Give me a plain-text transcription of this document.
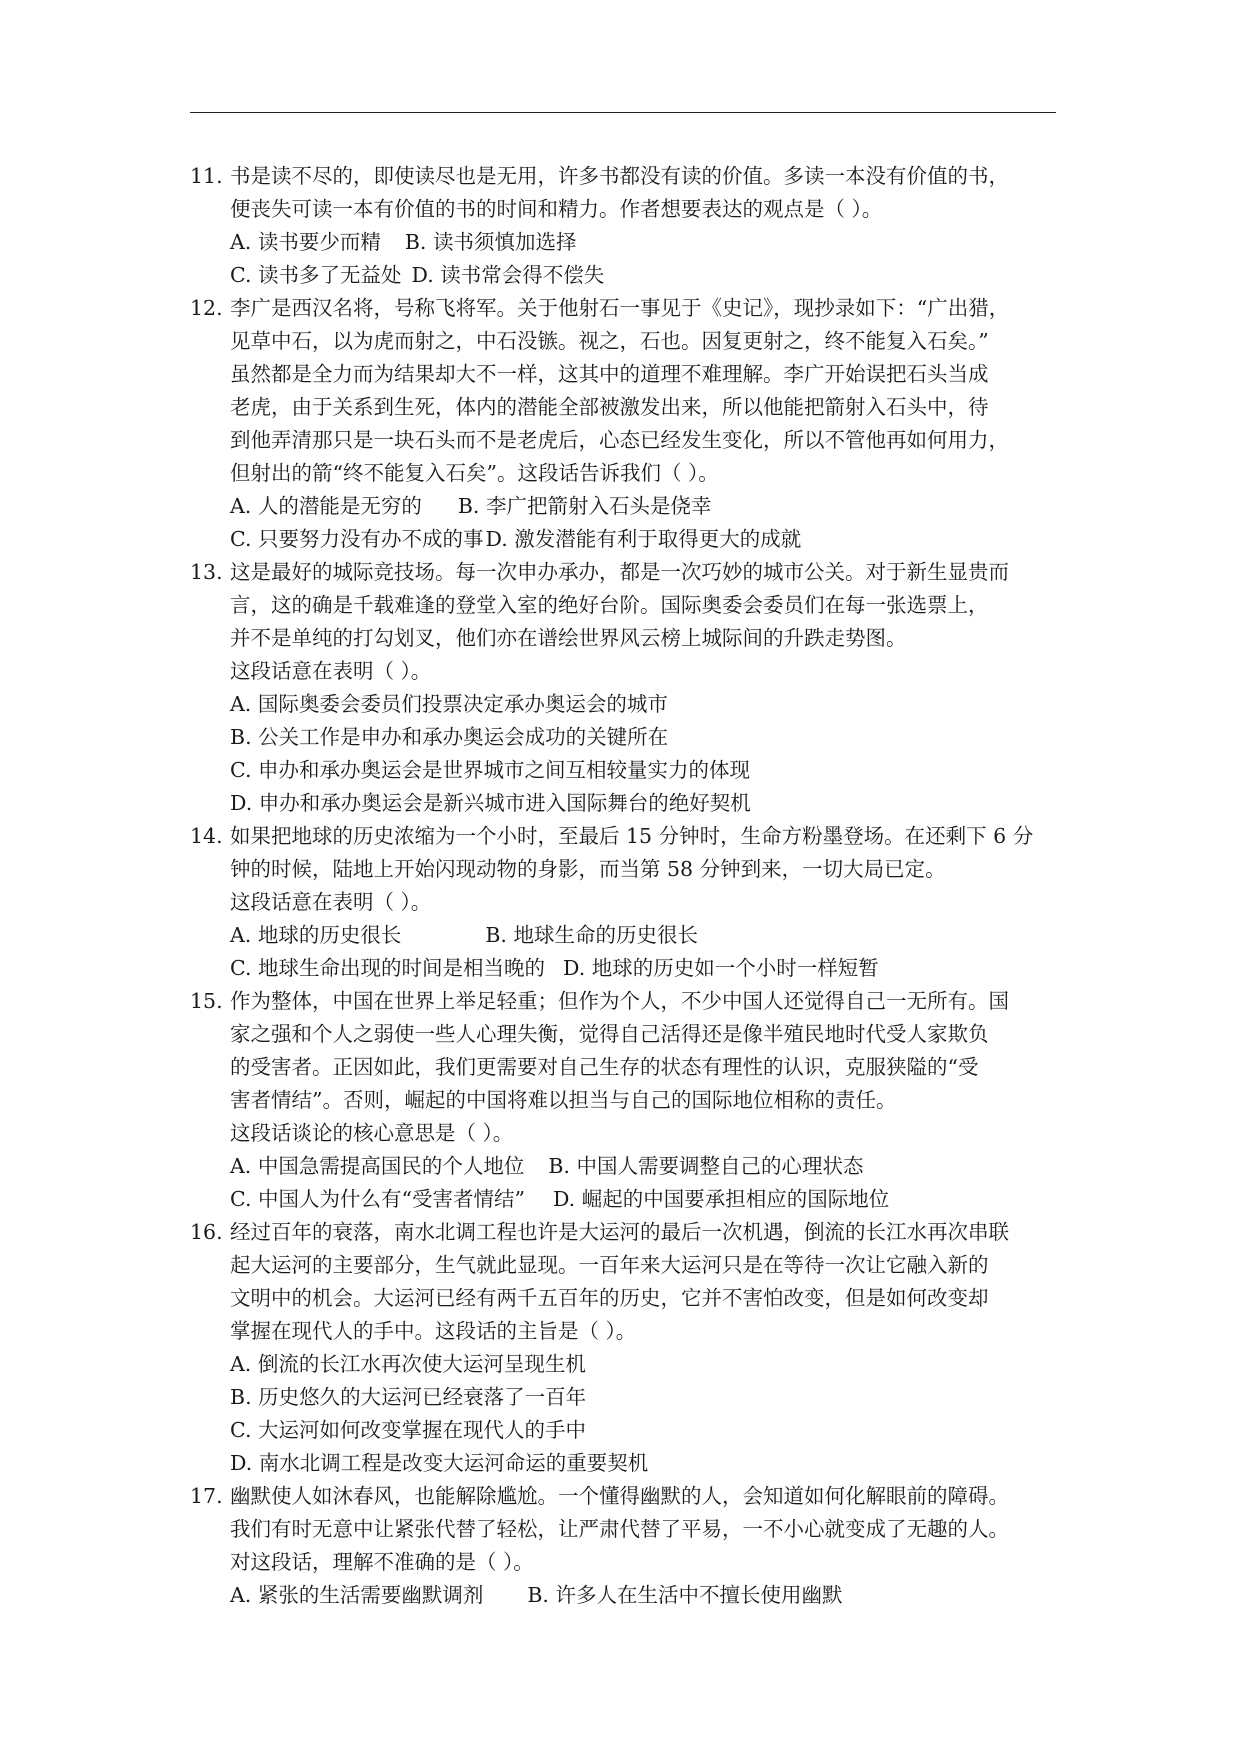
11. 书是读不尽的，即使读尽也是无用，许多书都没有读的价值。多读一本没有价值的书，
便丧失可读一本有价值的书的时间和精力。作者想要表达的观点是（ ）。
A. 读书要少而精 B. 读书须慎加选择
C. 读书多了无益处 D. 读书常会得不偿失
12. 李广是西汉名将，号称飞将军。关于他射石一事见于《史记》，现抄录如下：“广出猎，
见草中石，以为虎而射之，中石没镞。视之，石也。因复更射之，终不能复入石矣。”
虽然都是全力而为结果却大不一样，这其中的道理不难理解。李广开始误把石头当成
老虎，由于关系到生死，体内的潜能全部被激发出来，所以他能把箭射入石头中，待
到他弄清那只是一块石头而不是老虎后，心态已经发生变化，所以不管他再如何用力，
但射出的箭“终不能复入石矣”。这段话告诉我们（ ）。
A. 人的潜能是无穷的 B. 李广把箭射入石头是侥幸
C. 只要努力没有办不成的事D. 激发潜能有利于取得更大的成就
13. 这是最好的城际竞技场。每一次申办承办，都是一次巧妙的城市公关。对于新生显贵而
言，这的确是千载难逢的登堂入室的绝好台阶。国际奥委会委员们在每一张选票上，
并不是单纯的打勾划叉，他们亦在谱绘世界风云榜上城际间的升跌走势图。
这段话意在表明（ ）。
A. 国际奥委会委员们投票决定承办奥运会的城市
B. 公关工作是申办和承办奥运会成功的关键所在
C. 申办和承办奥运会是世界城市之间互相较量实力的体现
D. 申办和承办奥运会是新兴城市进入国际舞台的绝好契机
14. 如果把地球的历史浓缩为一个小时，至最后 15 分钟时，生命方粉墨登场。在还剩下 6 分
钟的时候，陆地上开始闪现动物的身影，而当第 58 分钟到来，一切大局已定。
这段话意在表明（ ）。
A. 地球的历史很长	B. 地球生命的历史很长
C. 地球生命出现的时间是相当晚的 D. 地球的历史如一个小时一样短暂
15. 作为整体，中国在世界上举足轻重；但作为个人，不少中国人还觉得自己一无所有。国
家之强和个人之弱使一些人心理失衡，觉得自己活得还是像半殖民地时代受人家欺负
的受害者。正因如此，我们更需要对自己生存的状态有理性的认识，克服狭隘的“受
害者情结”。否则，崛起的中国将难以担当与自己的国际地位相称的责任。
这段话谈论的核心意思是（ ）。
A. 中国急需提高国民的个人地位 B. 中国人需要调整自己的心理状态
C. 中国人为什么有“受害者情结” D. 崛起的中国要承担相应的国际地位
16. 经过百年的衰落，南水北调工程也许是大运河的最后一次机遇，倒流的长江水再次串联
起大运河的主要部分，生气就此显现。一百年来大运河只是在等待一次让它融入新的
文明中的机会。大运河已经有两千五百年的历史，它并不害怕改变，但是如何改变却
掌握在现代人的手中。这段话的主旨是（ ）。
A. 倒流的长江水再次使大运河呈现生机
B. 历史悠久的大运河已经衰落了一百年
C. 大运河如何改变掌握在现代人的手中
D. 南水北调工程是改变大运河命运的重要契机
17. 幽默使人如沐春风，也能解除尴尬。一个懂得幽默的人，会知道如何化解眼前的障碍。
我们有时无意中让紧张代替了轻松，让严肃代替了平易，一不小心就变成了无趣的人。
对这段话，理解不准确的是（ ）。
A. 紧张的生活需要幽默调剂 B. 许多人在生活中不擅长使用幽默
